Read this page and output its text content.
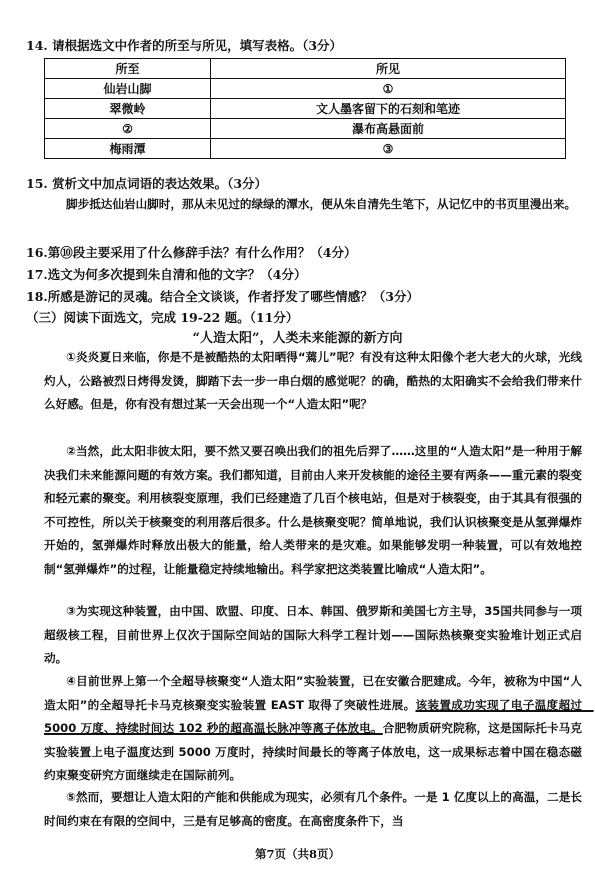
14. 请根据选文中作者的所至与所见，填写表格。（3分）
所至	所见
仙岩山脚	①
翠微岭	文人墨客留下的石刻和笔迹
②	瀑布高悬面前
梅雨潭	③
15. 赏析文中加点词语的表达效果。（3分）
脚步抵达仙岩山脚时，那从未见过的绿绿的潭水，便从朱自清先生笔下，从记忆中的书页里漫出来。
16.第⑩段主要采用了什么修辞手法？有什么作用？（4分）
17.选文为何多次提到朱自清和他的文字？（4分）
18.所感是游记的灵魂。结合全文谈谈，作者抒发了哪些情感？（3分）
（三）阅读下面选文，完成 19-22 题。（11分）
“人造太阳”，人类未来能源的新方向
①炎炎夏日来临，你是不是被酷热的太阳晒得“蔫儿”呢？有没有这种太阳像个老大老大的火球，光线灼人，公路被烈日烤得发烫，脚踏下去一步一串白烟的感觉呢？的确，酷热的太阳确实不会给我们带来什么好感。但是，你有没有想过某一天会出现一个“人造太阳”呢？
②当然，此太阳非彼太阳，要不然又要召唤出我们的祖先后羿了……这里的“人造太阳”是一种用于解决我们未来能源问题的有效方案。我们都知道，目前由人来开发核能的途径主要有两条——重元素的裂变和轻元素的聚变。利用核裂变原理，我们已经建造了几百个核电站，但是对于核裂变，由于其具有很强的不可控性，所以关于核聚变的利用落后很多。什么是核聚变呢？简单地说，我们认识核聚变是从氢弹爆炸开始的，氢弹爆炸时释放出极大的能量，给人类带来的是灾难。如果能够发明一种装置，可以有效地控制“氢弹爆炸”的过程，让能量稳定持续地输出。科学家把这类装置比喻成“人造太阳”。
③为实现这种装置，由中国、欧盟、印度、日本、韩国、俄罗斯和美国七方主导，35国共同参与一项超级核工程，目前世界上仅次于国际空间站的国际大科学工程计划——国际热核聚变实验堆计划正式启动。
④目前世界上第一个全超导核聚变“人造太阳”实验装置，已在安徽合肥建成。今年，被称为中国“人造太阳”的全超导托卡马克核聚变实验装置 EAST 取得了突破性进展。该装置成功实现了电子温度超过　5000 万度、持续时间达 102 秒的超高温长脉冲等离子体放电。合肥物质研究院称，这是国际托卡马克实验装置上电子温度达到 5000 万度时，持续时间最长的等离子体放电，这一成果标志着中国在稳态磁约束聚变研究方面继续走在国际前列。
⑤然而，要想让人造太阳的产能和供能成为现实，必须有几个条件。一是 1 亿度以上的高温，二是长时间约束在有限的空间中，三是有足够高的密度。在高密度条件下，当
第7页（共8页）
